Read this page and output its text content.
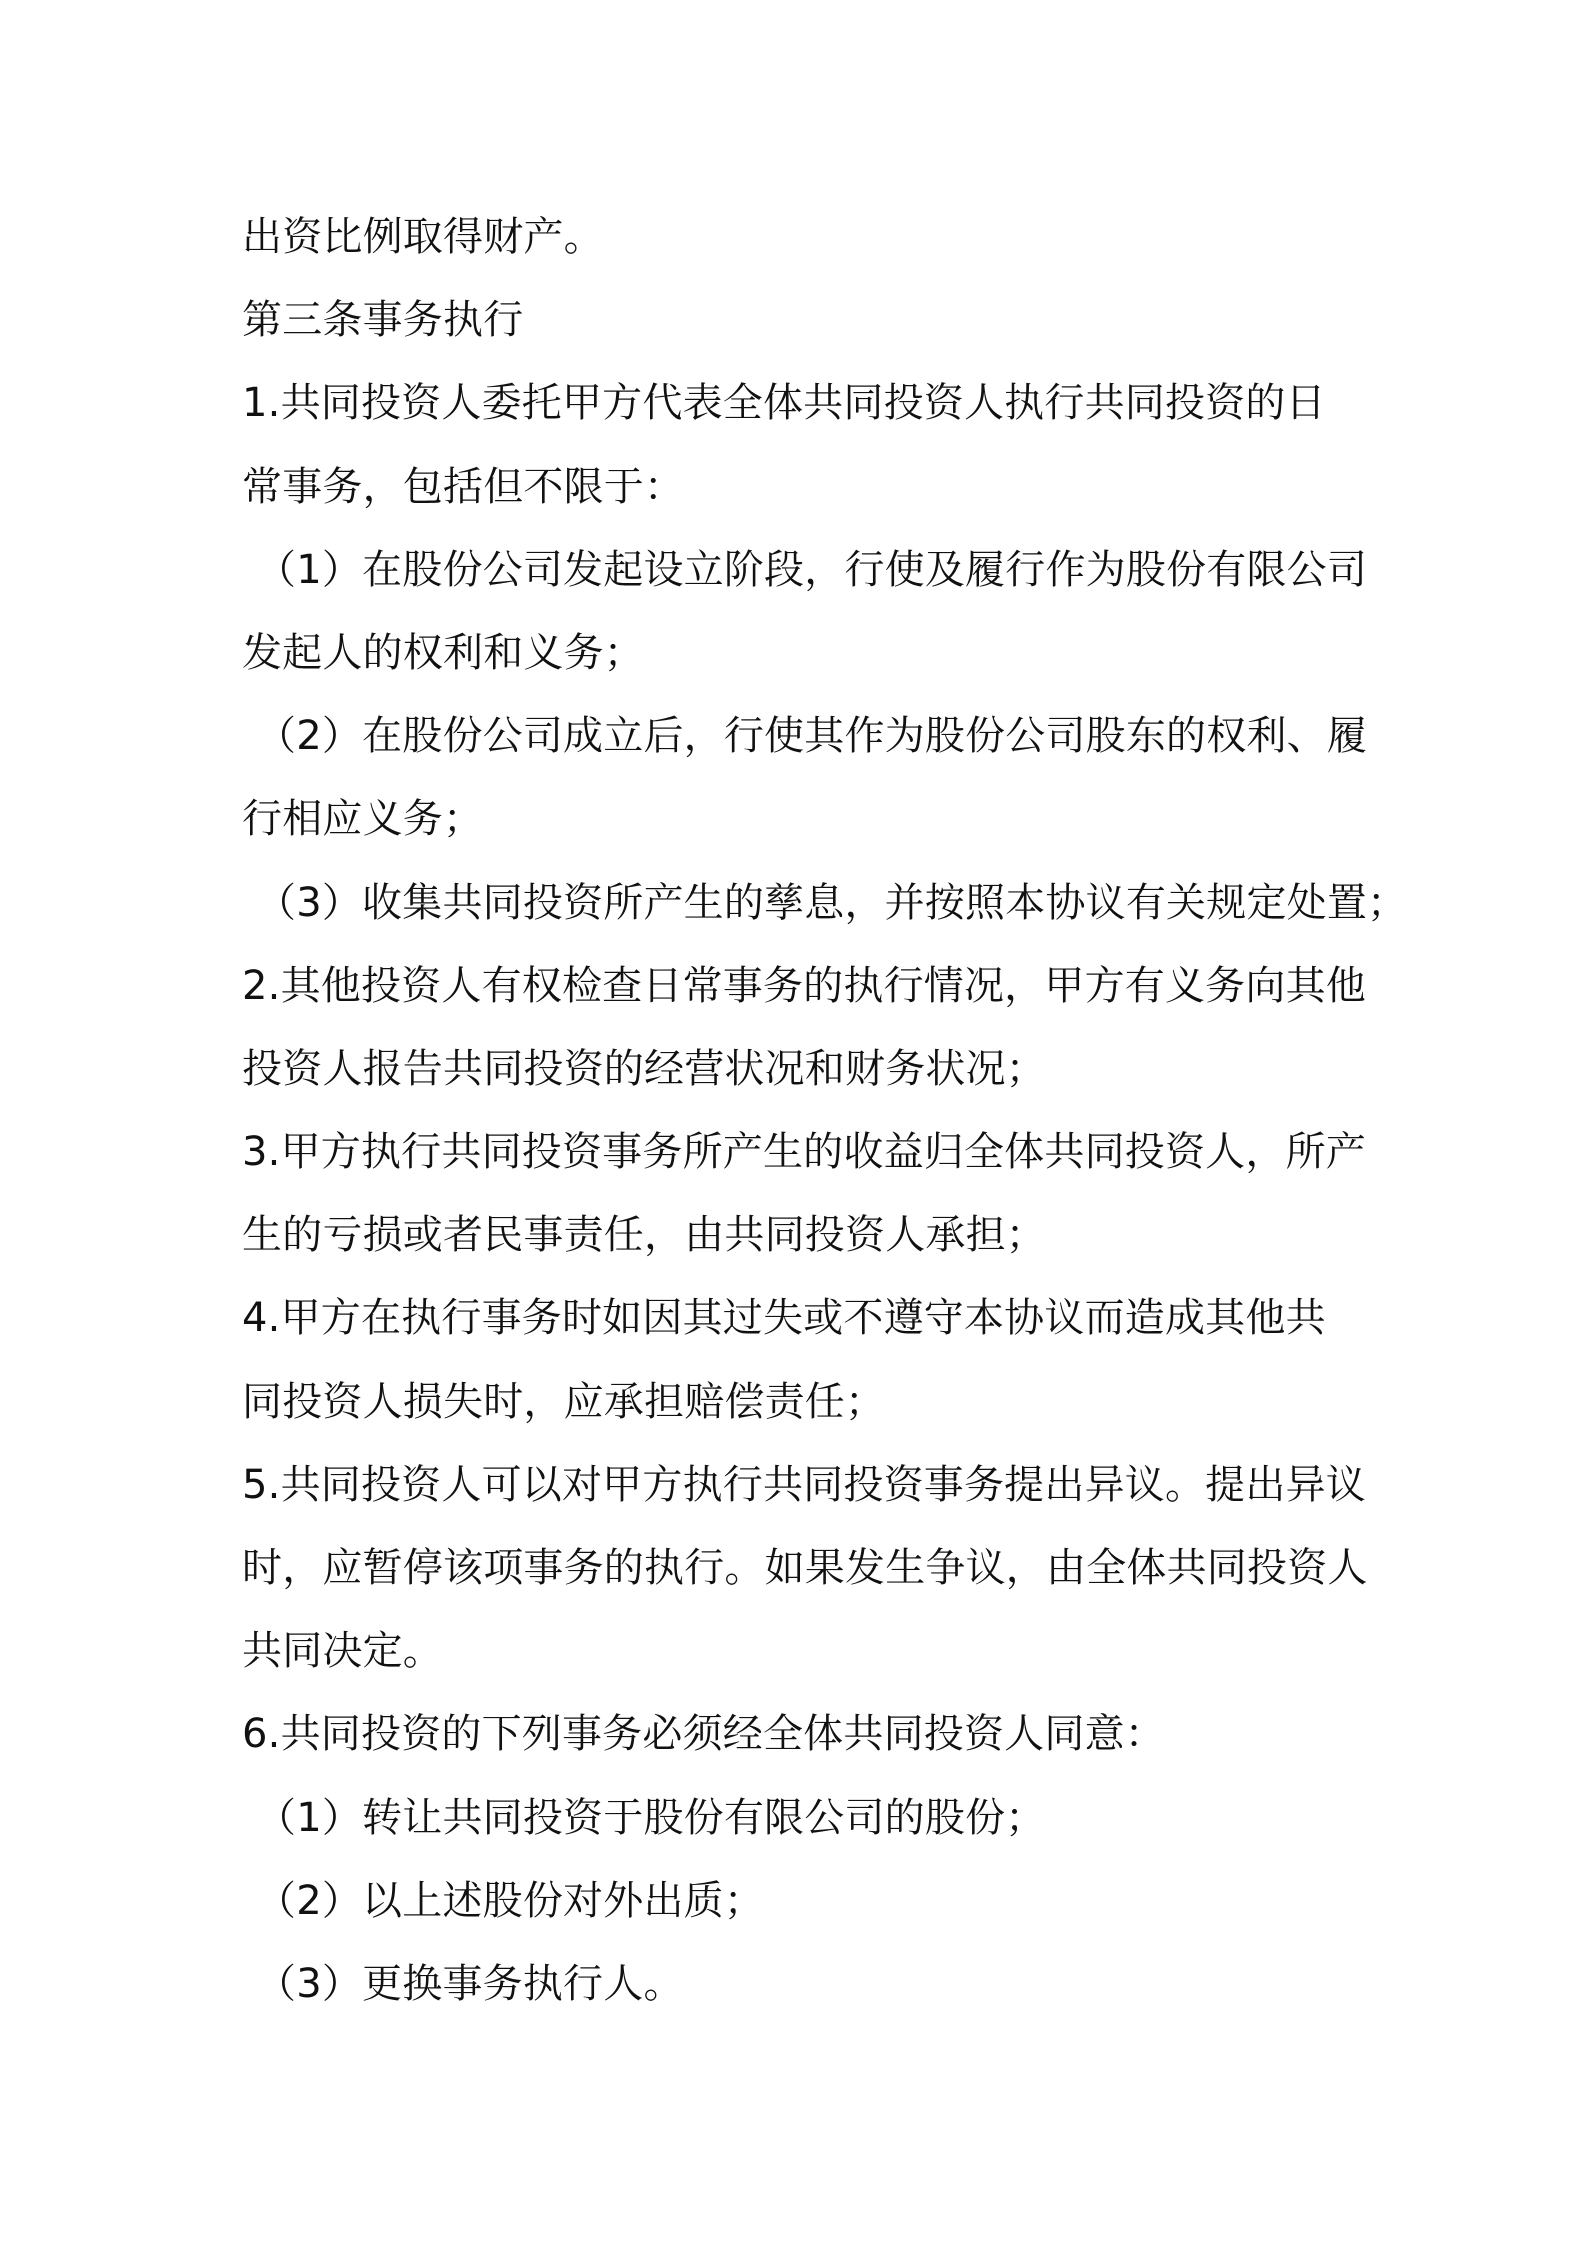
出资比例取得财产。
第三条事务执行
1.共同投资人委托甲方代表全体共同投资人执行共同投资的日
常事务，包括但不限于：
（1）在股份公司发起设立阶段，行使及履行作为股份有限公司
发起人的权利和义务；
（2）在股份公司成立后，行使其作为股份公司股东的权利、履
行相应义务；
（3）收集共同投资所产生的孳息，并按照本协议有关规定处置；
2.其他投资人有权检查日常事务的执行情况，甲方有义务向其他
投资人报告共同投资的经营状况和财务状况；
3.甲方执行共同投资事务所产生的收益归全体共同投资人，所产
生的亏损或者民事责任，由共同投资人承担；
4.甲方在执行事务时如因其过失或不遵守本协议而造成其他共
同投资人损失时，应承担赔偿责任；
5.共同投资人可以对甲方执行共同投资事务提出异议。提出异议
时，应暂停该项事务的执行。如果发生争议，由全体共同投资人
共同决定。
6.共同投资的下列事务必须经全体共同投资人同意：
（1）转让共同投资于股份有限公司的股份；
（2）以上述股份对外出质；
（3）更换事务执行人。
